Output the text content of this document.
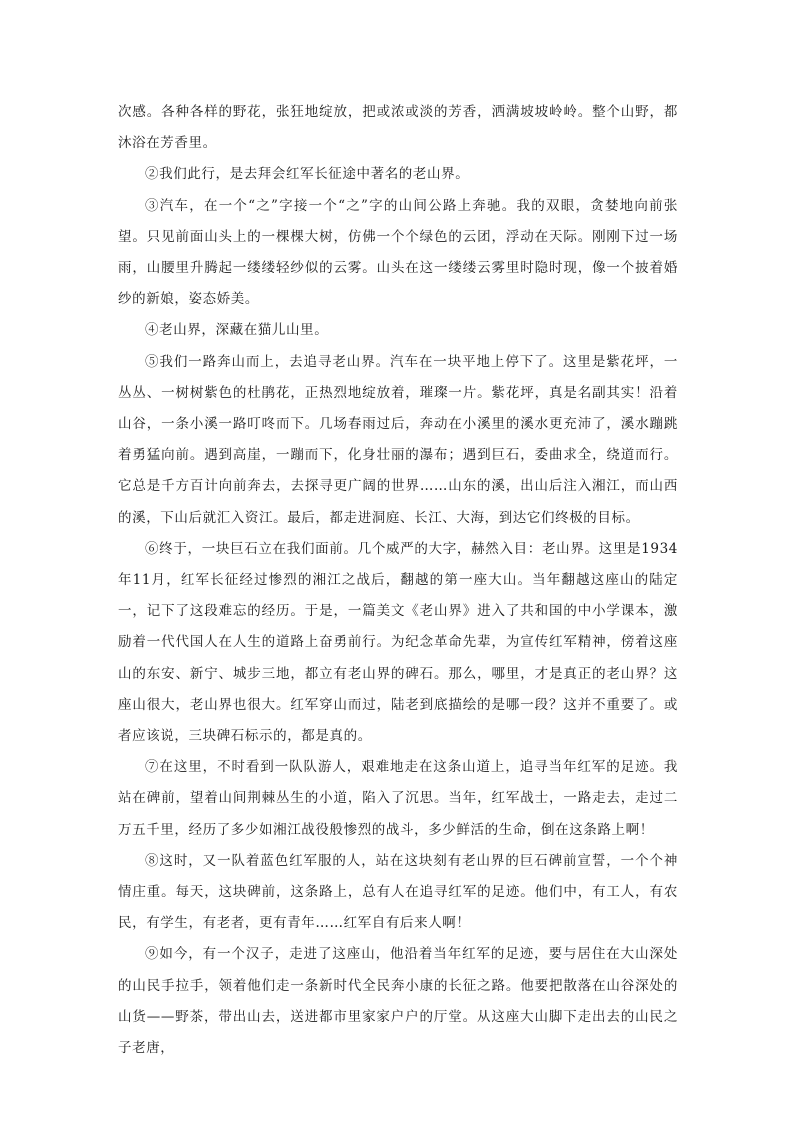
次感。各种各样的野花，张狂地绽放，把或浓或淡的芳香，洒满坡坡岭岭。整个山野，都沐浴在芳香里。

②我们此行，是去拜会红军长征途中著名的老山界。

③汽车，在一个“之”字接一个“之”字的山间公路上奔驰。我的双眼，贪婪地向前张望。只见前面山头上的一棵棵大树，仿佛一个个绿色的云团，浮动在天际。刚刚下过一场雨，山腰里升腾起一缕缕轻纱似的云雾。山头在这一缕缕云雾里时隐时现，像一个披着婚纱的新娘，姿态娇美。

④老山界，深藏在猫儿山里。

⑤我们一路奔山而上，去追寻老山界。汽车在一块平地上停下了。这里是紫花坪，一丛丛、一树树紫色的杜鹃花，正热烈地绽放着，璀璨一片。紫花坪，真是名副其实！沿着山谷，一条小溪一路叮咚而下。几场春雨过后，奔动在小溪里的溪水更充沛了，溪水蹦跳着勇猛向前。遇到高崖，一蹦而下，化身壮丽的瀑布；遇到巨石，委曲求全，绕道而行。它总是千方百计向前奔去，去探寻更广阔的世界……山东的溪，出山后注入湘江，而山西的溪，下山后就汇入资江。最后，都走进洞庭、长江、大海，到达它们终极的目标。

⑥终于，一块巨石立在我们面前。几个威严的大字，赫然入目：老山界。这里是1934年11月，红军长征经过惨烈的湘江之战后，翻越的第一座大山。当年翻越这座山的陆定一，记下了这段难忘的经历。于是，一篇美文《老山界》进入了共和国的中小学课本，激励着一代代国人在人生的道路上奋勇前行。为纪念革命先辈，为宣传红军精神，傍着这座山的东安、新宁、城步三地，都立有老山界的碑石。那么，哪里，才是真正的老山界？这座山很大，老山界也很大。红军穿山而过，陆老到底描绘的是哪一段？这并不重要了。或者应该说，三块碑石标示的，都是真的。

⑦在这里，不时看到一队队游人，艰难地走在这条山道上，追寻当年红军的足迹。我站在碑前，望着山间荆棘丛生的小道，陷入了沉思。当年，红军战士，一路走去，走过二万五千里，经历了多少如湘江战役般惨烈的战斗，多少鲜活的生命，倒在这条路上啊！

⑧这时，又一队着蓝色红军服的人，站在这块刻有老山界的巨石碑前宣誓，一个个神情庄重。每天，这块碑前，这条路上，总有人在追寻红军的足迹。他们中，有工人，有农民，有学生，有老者，更有青年……红军自有后来人啊！

⑨如今，有一个汉子，走进了这座山，他沿着当年红军的足迹，要与居住在大山深处的山民手拉手，领着他们走一条新时代全民奔小康的长征之路。他要把散落在山谷深处的山货——野茶，带出山去，送进都市里家家户户的厅堂。从这座大山脚下走出去的山民之子老唐，
